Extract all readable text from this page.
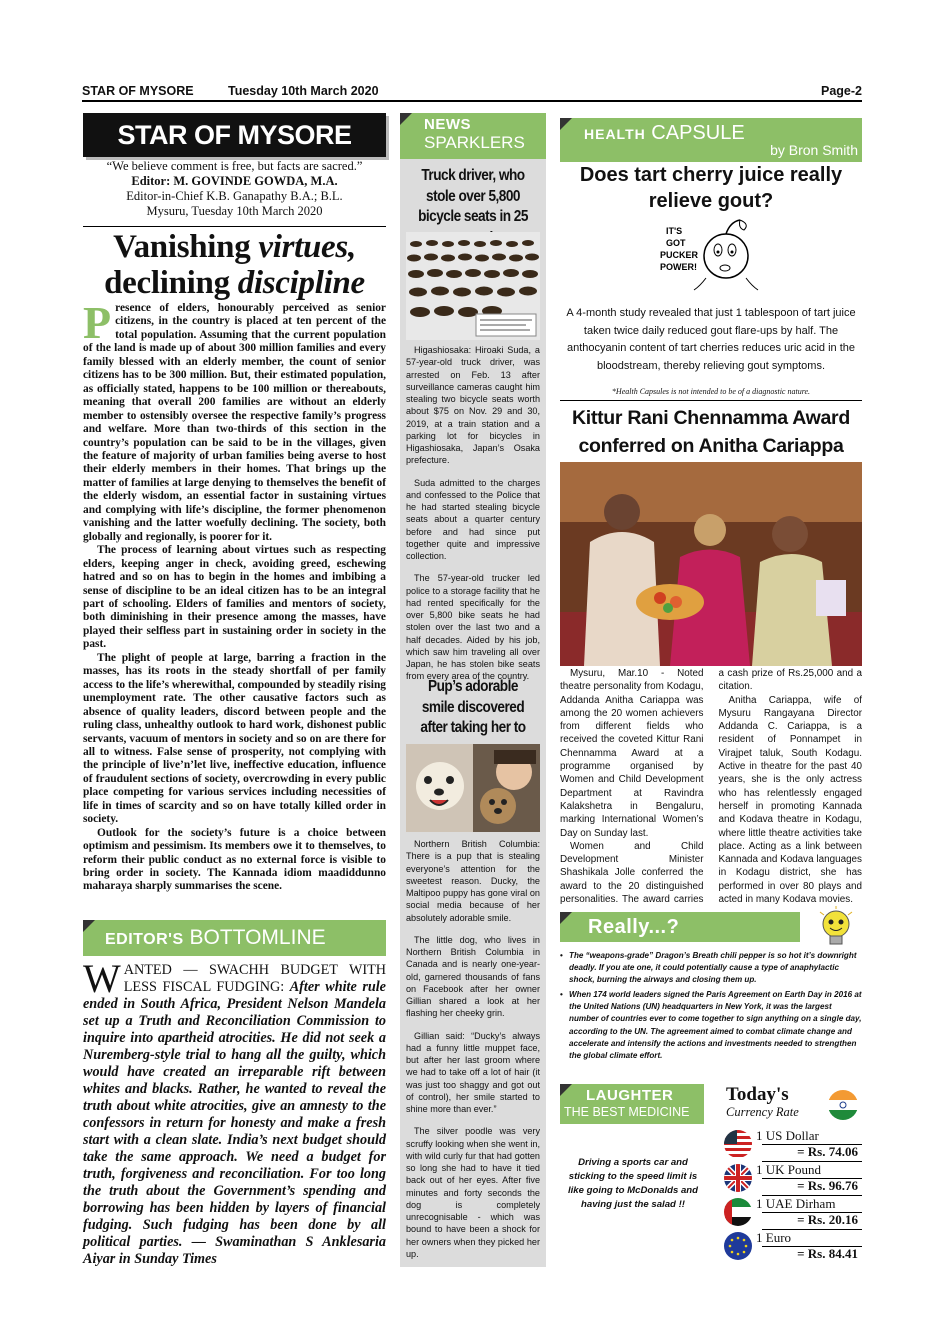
STAR OF MYSORE	Tuesday 10th March 2020	Page-2
STAR OF MYSORE
“We believe comment is free, but facts are sacred.”
Editor: M. GOVINDE GOWDA, M.A.
Editor-in-Chief K.B. Ganapathy B.A.; B.L.
Mysuru, Tuesday 10th March 2020
Vanishing virtues,
declining discipline

Presence of elders, honourably perceived as senior citizens, in the country is placed at ten percent of the total population. Assuming that the current population of the land is made up of about 300 million families and every family blessed with an elderly member, the count of senior citizens has to be 300 million. But, their estimated population, as officially stated, happens to be 100 million or thereabouts, meaning that overall 200 families are without an elderly member to ostensibly oversee the respective family’s progress and welfare. More than two-thirds of this section in the country’s population can be said to be in the villages, given the feature of majority of urban families being averse to host their elderly members in their homes. That brings up the matter of families at large denying to themselves the benefit of the elderly wisdom, an essential factor in sustaining virtues and complying with life’s discipline, the former phenomenon vanishing and the latter woefully declining. The society, both globally and regionally, is poorer for it.

The process of learning about virtues such as respecting elders, keeping anger in check, avoiding greed, eschewing hatred and so on has to begin in the homes and imbibing a sense of discipline to be an ideal citizen has to be an integral part of schooling. Elders of families and mentors of society, both diminishing in their presence among the masses, have played their selfless part in sustaining order in society in the past.

The plight of people at large, barring a fraction in the masses, has its roots in the steady shortfall of per family access to the life’s wherewithal, compounded by steadily rising unemployment rate. The other causative factors such as absence of quality leaders, discord between people and the ruling class, unhealthy outlook to hard work, dishonest public servants, vacuum of mentors in society and so on are there for all to witness. False sense of prosperity, not complying with the principle of live’n’let live, ineffective education, influence of fraudulent sections of society, overcrowding in every public place competing for various services including necessities of life in times of scarcity and so on have totally killed order in society.

Outlook for the society’s future is a choice between optimism and pessimism. Its members owe it to themselves, to reform their public conduct as no external force is visible to bring order in society. The Kannada idiom maadiddunno maharaya sharply summarises the scene.

EDITOR'S BOTTOMLINE
WANTED — SWACHH BUDGET WITH LESS FISCAL FUDGING: After white rule ended in South Africa, President Nelson Mandela set up a Truth and Reconciliation Commission to inquire into apartheid atrocities. He did not seek a Nuremberg-style trial to hang all the guilty, which would have created an irreparable rift between whites and blacks. Rather, he wanted to reveal the truth about white atrocities, give an amnesty to the confessors in return for honesty and make a fresh start with a clean slate. India’s next budget should take the same approach. We need a budget for truth, forgiveness and reconciliation. For too long the truth about the Government’s spending and borrowing has been hidden by layers of financial fudging. Such fudging has been done by all political parties. — Swaminathan S Anklesaria Aiyar in Sunday Times
NEWS
SPARKLERS
Truck driver, who stole over 5,800 bicycle seats in 25

Higashiosaka: Hiroaki Suda, a 57-year-old truck driver, was arrested on Feb. 13 after surveillance cameras caught him stealing two bicycle seats worth about $75 on Nov. 29 and 30, 2019, at a train station and a parking lot for bicycles in Higashiosaka, Japan’s Osaka prefecture.

Suda admitted to the charges and confessed to the Police that he had started stealing bicycle seats about a quarter century before and had since put together quite and impressive collection.

The 57-year-old trucker led police to a storage facility that he had rented specifically for the over 5,800 bike seats he had stolen over the last two and a half decades. Aided by his job, which saw him traveling all over Japan, he has stolen bike seats from every area of the country.

Pup’s adorable smile discovered after taking her to

Northern British Columbia: There is a pup that is stealing everyone’s attention for the sweetest reason. Ducky, the Maltipoo puppy has gone viral on social media because of her absolutely adorable smile.

The little dog, who lives in Northern British Columbia in Canada and is nearly one-year-old, garnered thousands of fans on Facebook after her owner Gillian shared a look at her flashing her cheeky grin.

Gillian said: “Ducky’s always had a funny little muppet face, but after her last groom where we had to take off a lot of hair (it was just too shaggy and got out of control), her smile started to shine more than ever.”

The silver poodle was very scruffy looking when she went in, with wild curly fur that had gotten so long she had to have it tied back out of her eyes. After five minutes and forty seconds the dog is completely unrecognisable - which was bound to have been a shock for her owners when they picked her up.

HEALTH CAPSULE
by Bron Smith
Does tart cherry juice really relieve gout?
IT'S
GOT
PUCKER
POWER!
A 4-month study revealed that just 1 tablespoon of tart juice taken twice daily reduced gout flare-ups by half. The anthocyanin content of tart cherries reduces uric acid in the bloodstream, thereby relieving gout symptoms.
*Health Capsules is not intended to be of a diagnostic nature.
Kittur Rani Chennamma Award conferred on Anitha Cariappa

Mysuru, Mar.10 - Noted theatre personality from Kodagu, Addanda Anitha Cariappa was among the 20 women achievers from different fields who received the coveted Kittur Rani Chennamma Award at a programme organised by Women and Child Development Department at Ravindra Kalakshetra in Bengaluru, marking International Women’s Day on Sunday last.

Women and Child Development Minister Shashikala Jolle conferred the award to the 20 distinguished personalities. The award carries a cash prize of Rs.25,000 and a citation.

Anitha Cariappa, wife of Mysuru Rangayana Director Addanda C. Cariappa, is a resident of Ponnampet in Virajpet taluk, South Kodagu. Active in theatre for the past 40 years, she is the only actress who has relentlessly engaged herself in promoting Kannada and Kodava theatre in Kodagu, where little theatre activities take place. Acting as a link between Kannada and Kodava languages in Kodagu district, she has performed in over 80 plays and acted in many Kodava movies.

Really...?
• The “weapons-grade” Dragon’s Breath chili pepper is so hot it’s downright deadly. If you ate one, it could potentially cause a type of anaphylactic shock, burning the airways and closing them up.
• When 174 world leaders signed the Paris Agreement on Earth Day in 2016 at the United Nations (UN) headquarters in New York, it was the largest number of countries ever to come together to sign anything on a single day, according to the UN. The agreement aimed to combat climate change and accelerate and intensify the actions and investments needed to strengthen the global climate effort.
LAUGHTER
THE BEST MEDICINE
Driving a sports car and sticking to the speed limit is like going to McDonalds and having just the salad !!
Today's
Currency Rate
1 US Dollar
= Rs. 74.06
1 UK Pound
= Rs. 96.76
1 UAE Dirham
= Rs. 20.16
1 Euro
= Rs. 84.41
